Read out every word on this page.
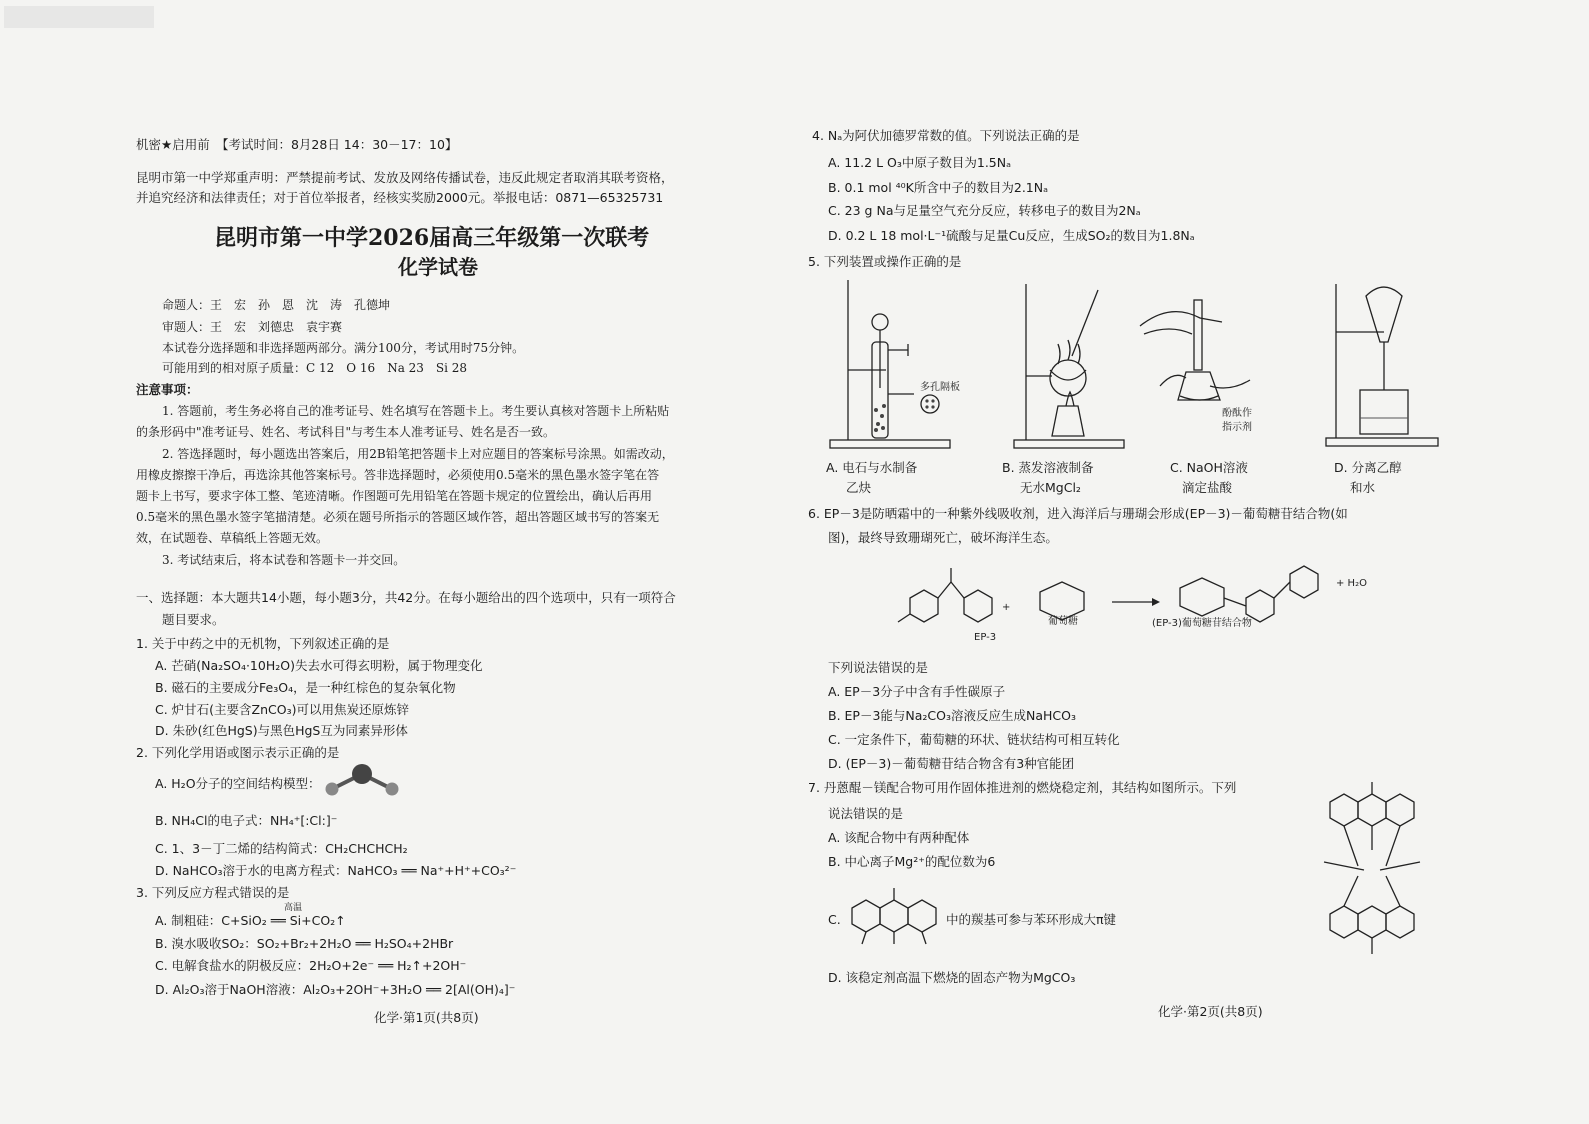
机密★启用前　【考试时间：8月28日 14：30－17：10】
昆明市第一中学郑重声明：严禁提前考试、发放及网络传播试卷，违反此规定者取消其联考资格，
并追究经济和法律责任；对于首位举报者，经核实奖励2000元。举报电话：0871—65325731
昆明市第一中学2026届高三年级第一次联考
化学试卷
命题人：王　宏　孙　恩　沈　涛　孔德坤
审题人：王　宏　刘德忠　袁宇赛
本试卷分选择题和非选择题两部分。满分100分，考试用时75分钟。
可能用到的相对原子质量：C 12　O 16　Na 23　Si 28
注意事项：
1. 答题前，考生务必将自己的准考证号、姓名填写在答题卡上。考生要认真核对答题卡上所粘贴
的条形码中"准考证号、姓名、考试科目"与考生本人准考证号、姓名是否一致。
2. 答选择题时，每小题选出答案后，用2B铅笔把答题卡上对应题目的答案标号涂黑。如需改动，
用橡皮擦擦干净后，再选涂其他答案标号。答非选择题时，必须使用0.5毫米的黑色墨水签字笔在答
题卡上书写，要求字体工整、笔迹清晰。作图题可先用铅笔在答题卡规定的位置绘出，确认后再用
0.5毫米的黑色墨水签字笔描清楚。必须在题号所指示的答题区域作答，超出答题区域书写的答案无
效，在试题卷、草稿纸上答题无效。
3. 考试结束后，将本试卷和答题卡一并交回。
一、选择题：本大题共14小题，每小题3分，共42分。在每小题给出的四个选项中，只有一项符合
题目要求。
1. 关于中药之中的无机物，下列叙述正确的是
A. 芒硝(Na₂SO₄·10H₂O)失去水可得玄明粉，属于物理变化
B. 磁石的主要成分Fe₃O₄，是一种红棕色的复杂氧化物
C. 炉甘石(主要含ZnCO₃)可以用焦炭还原炼锌
D. 朱砂(红色HgS)与黑色HgS互为同素异形体
2. 下列化学用语或图示表示正确的是
A. H₂O分子的空间结构模型：
B. NH₄Cl的电子式：NH₄⁺[:Cl:]⁻
C. 1、3－丁二烯的结构简式：CH₂CHCHCH₂
D. NaHCO₃溶于水的电离方程式：NaHCO₃ ══ Na⁺+H⁺+CO₃²⁻
3. 下列反应方程式错误的是
高温
A. 制粗硅：C+SiO₂ ══ Si+CO₂↑
B. 溴水吸收SO₂：SO₂+Br₂+2H₂O ══ H₂SO₄+2HBr
C. 电解食盐水的阴极反应：2H₂O+2e⁻ ══ H₂↑+2OH⁻
D. Al₂O₃溶于NaOH溶液：Al₂O₃+2OH⁻+3H₂O ══ 2[Al(OH)₄]⁻
化学·第1页(共8页)
4. Nₐ为阿伏加德罗常数的值。下列说法正确的是
A. 11.2 L O₃中原子数目为1.5Nₐ
B. 0.1 mol ⁴⁰K所含中子的数目为2.1Nₐ
C. 23 g Na与足量空气充分反应，转移电子的数目为2Nₐ
D. 0.2 L 18 mol·L⁻¹硫酸与足量Cu反应，生成SO₂的数目为1.8Nₐ
5. 下列装置或操作正确的是
多孔隔板
酚酞作
指示剂
A. 电石与水制备
乙炔
B. 蒸发溶液制备
无水MgCl₂
C. NaOH溶液
滴定盐酸
D. 分离乙醇
和水
6. EP－3是防晒霜中的一种紫外线吸收剂，进入海洋后与珊瑚会形成(EP－3)－葡萄糖苷结合物(如
图)，最终导致珊瑚死亡，破坏海洋生态。
EP-3
+
葡萄糖	(EP-3)葡萄糖苷结合物
+ H₂O
下列说法错误的是
A. EP－3分子中含有手性碳原子
B. EP－3能与Na₂CO₃溶液反应生成NaHCO₃
C. 一定条件下，葡萄糖的环状、链状结构可相互转化
D. (EP－3)－葡萄糖苷结合物含有3种官能团
7. 丹蒽醌－镁配合物可用作固体推进剂的燃烧稳定剂，其结构如图所示。下列
说法错误的是
A. 该配合物中有两种配体
B. 中心离子Mg²⁺的配位数为6
C.	中的羰基可参与苯环形成大π键
D. 该稳定剂高温下燃烧的固态产物为MgCO₃
化学·第2页(共8页)
